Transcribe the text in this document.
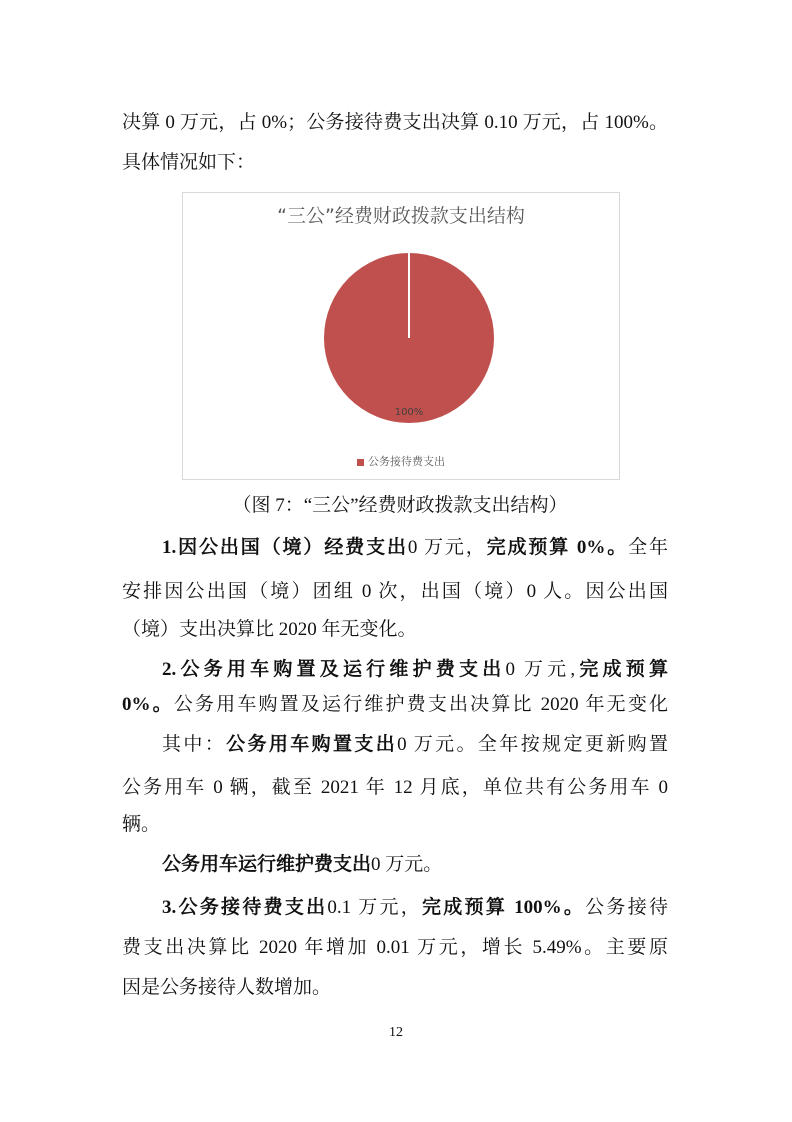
决算 0 万元，占 0%；公务接待费支出决算 0.10 万元，占 100%。
具体情况如下：
1.因公出国（境）经费支出0 万元，完成预算 0%。全年
安排因公出国（境）团组 0 次，出国（境）0 人。因公出国
（境）支出决算比 2020 年无变化。
2.公务用车购置及运行维护费支出0 万元,完成预算
0%。公务用车购置及运行维护费支出决算比 2020 年无变化
其中：公务用车购置支出0 万元。全年按规定更新购置
公务用车 0 辆，截至 2021 年 12 月底，单位共有公务用车 0
辆。
公务用车运行维护费支出0 万元。
3.公务接待费支出0.1 万元，完成预算 100%。公务接待
费支出决算比 2020 年增加 0.01 万元，增长 5.49%。主要原
因是公务接待人数增加。
“三公”经费财政拨款支出结构
100%
公务接待费支出
（图 7：“三公”经费财政拨款支出结构）
12
